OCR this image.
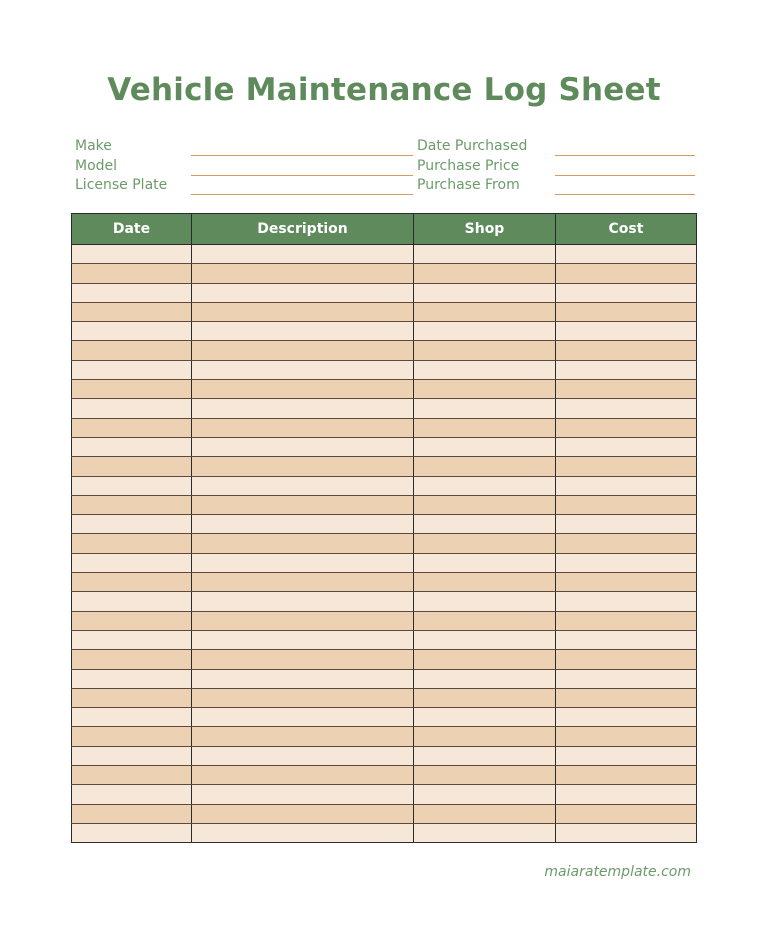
Vehicle Maintenance Log Sheet
Make
Model
License Plate
Date Purchased
Purchase Price
Purchase From
Date	Description	Shop	Cost

maiaratemplate.com
